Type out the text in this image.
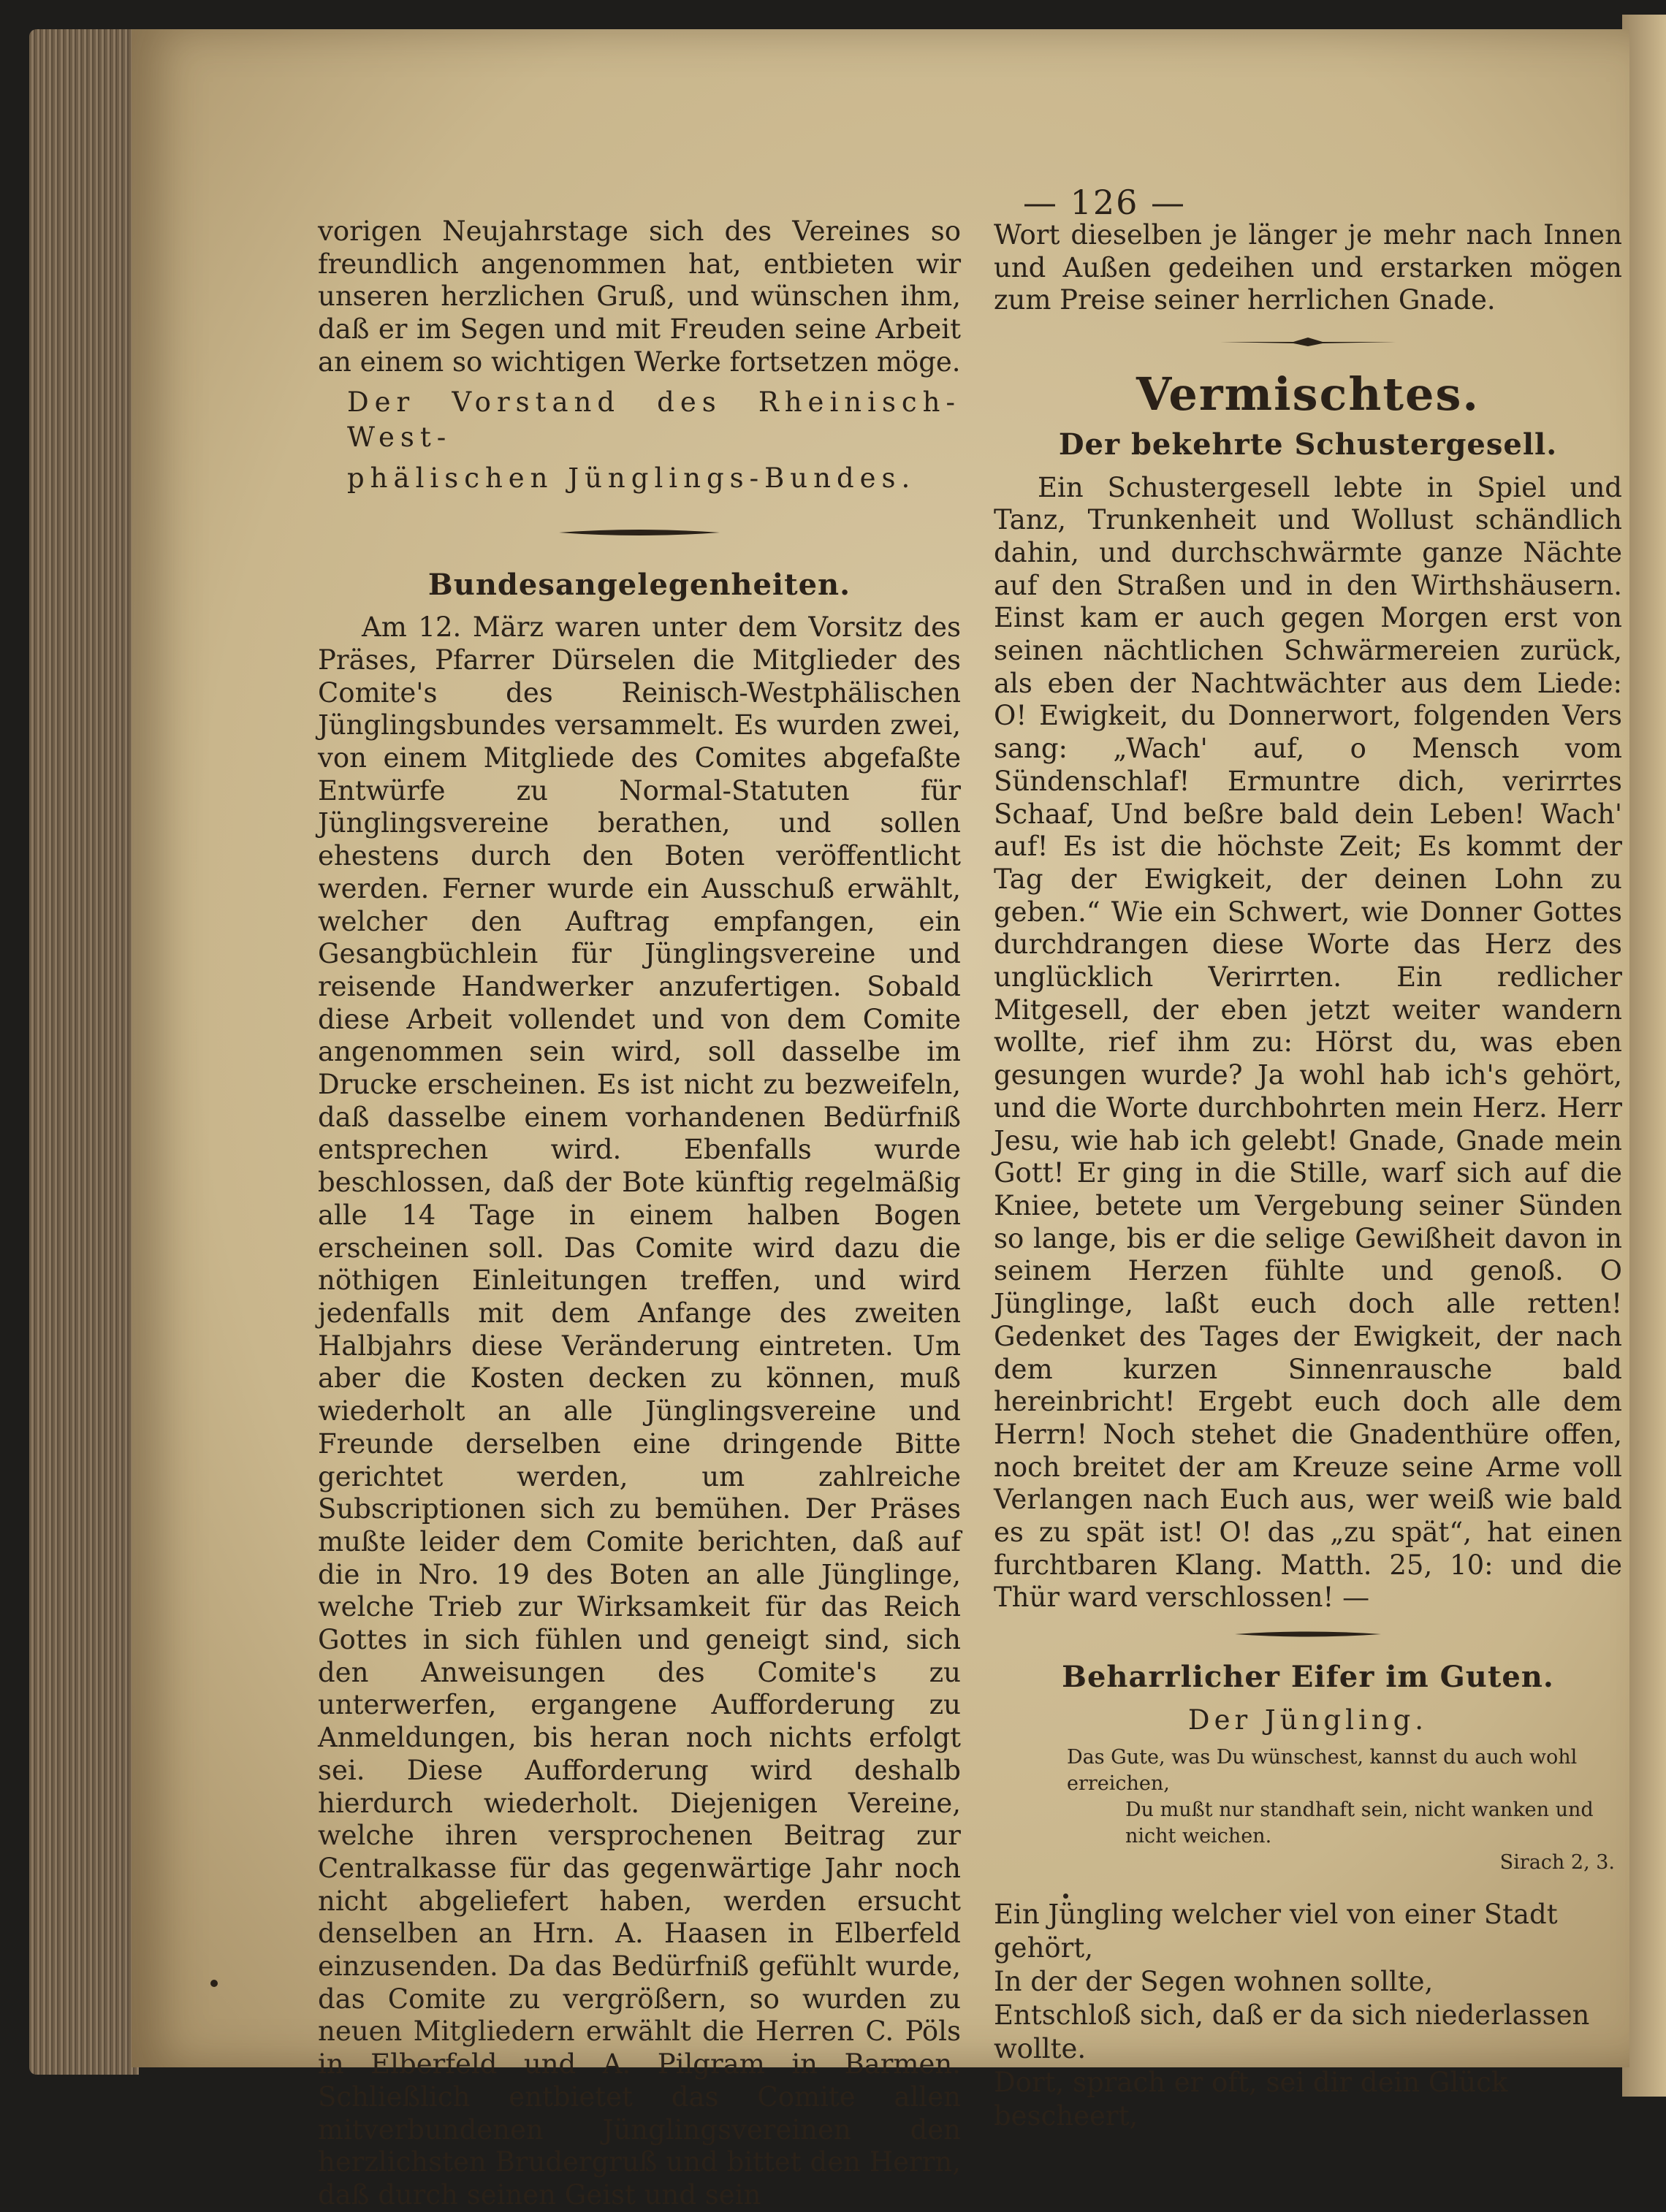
— 126 —

vorigen Neujahrstage sich des Vereines so freundlich angenommen hat, entbieten wir unseren herzlichen Gruß, und wünschen ihm, daß er im Segen und mit Freuden seine Arbeit an einem so wichtigen Werke fortsetzen möge.

Der Vorstand des Rheinisch-West-
phälischen Jünglings-Bundes.
Bundesangelegenheiten.

Am 12. März waren unter dem Vorsitz des Präses, Pfarrer Dürselen die Mitglieder des Comite's des Reinisch-Westphälischen Jünglingsbundes versammelt. Es wurden zwei, von einem Mitgliede des Comites abgefaßte Entwürfe zu Normal-Statuten für Jünglingsvereine berathen, und sollen ehestens durch den Boten veröffentlicht werden. Ferner wurde ein Ausschuß erwählt, welcher den Auftrag empfangen, ein Gesangbüchlein für Jünglingsvereine und reisende Handwerker anzufertigen. Sobald diese Arbeit vollendet und von dem Comite angenommen sein wird, soll dasselbe im Drucke erscheinen. Es ist nicht zu bezweifeln, daß dasselbe einem vorhandenen Bedürfniß entsprechen wird. Ebenfalls wurde beschlossen, daß der Bote künftig regelmäßig alle 14 Tage in einem halben Bogen erscheinen soll. Das Comite wird dazu die nöthigen Einleitungen treffen, und wird jedenfalls mit dem Anfange des zweiten Halbjahrs diese Veränderung eintreten. Um aber die Kosten decken zu können, muß wiederholt an alle Jünglingsvereine und Freunde derselben eine dringende Bitte gerichtet werden, um zahlreiche Subscriptionen sich zu bemühen. Der Präses mußte leider dem Comite berichten, daß auf die in Nro. 19 des Boten an alle Jünglinge, welche Trieb zur Wirksamkeit für das Reich Gottes in sich fühlen und geneigt sind, sich den Anweisungen des Comite's zu unterwerfen, ergangene Aufforderung zu Anmeldungen, bis heran noch nichts erfolgt sei. Diese Aufforderung wird deshalb hierdurch wiederholt. Diejenigen Vereine, welche ihren versprochenen Beitrag zur Centralkasse für das gegenwärtige Jahr noch nicht abgeliefert haben, werden ersucht denselben an Hrn. A. Haasen in Elberfeld einzusenden. Da das Bedürfniß gefühlt wurde, das Comite zu vergrößern, so wurden zu neuen Mitgliedern erwählt die Herren C. Pöls in Elberfeld und A. Pilgram in Barmen. Schließlich entbietet das Comite allen mitverbundenen Jünglingsvereinen den herzlichsten Brudergruß und bittet den Herrn, daß durch seinen Geist und sein

Wort dieselben je länger je mehr nach Innen und Außen gedeihen und erstarken mögen zum Preise seiner herrlichen Gnade.

Vermischtes.
Der bekehrte Schustergesell.

Ein Schustergesell lebte in Spiel und Tanz, Trunkenheit und Wollust schändlich dahin, und durchschwärmte ganze Nächte auf den Straßen und in den Wirthshäusern. Einst kam er auch gegen Morgen erst von seinen nächtlichen Schwärmereien zurück, als eben der Nachtwächter aus dem Liede: O! Ewigkeit, du Donnerwort, folgenden Vers sang: „Wach' auf, o Mensch vom Sündenschlaf! Ermuntre dich, verirrtes Schaaf, Und beßre bald dein Leben! Wach' auf! Es ist die höchste Zeit; Es kommt der Tag der Ewigkeit, der deinen Lohn zu geben.“ Wie ein Schwert, wie Donner Gottes durchdrangen diese Worte das Herz des unglücklich Verirrten. Ein redlicher Mitgesell, der eben jetzt weiter wandern wollte, rief ihm zu: Hörst du, was eben gesungen wurde? Ja wohl hab ich's gehört, und die Worte durchbohrten mein Herz. Herr Jesu, wie hab ich gelebt! Gnade, Gnade mein Gott! Er ging in die Stille, warf sich auf die Kniee, betete um Vergebung seiner Sünden so lange, bis er die selige Gewißheit davon in seinem Herzen fühlte und genoß. O Jünglinge, laßt euch doch alle retten! Gedenket des Tages der Ewigkeit, der nach dem kurzen Sinnenrausche bald hereinbricht! Ergebt euch doch alle dem Herrn! Noch stehet die Gnadenthüre offen, noch breitet der am Kreuze seine Arme voll Verlangen nach Euch aus, wer weiß wie bald es zu spät ist! O! das „zu spät“, hat einen furchtbaren Klang. Matth. 25, 10: und die Thür ward verschlossen! —

Beharrlicher Eifer im Guten.
Der Jüngling.
Das Gute, was Du wünschest, kannst du auch wohl erreichen,
Du mußt nur standhaft sein, nicht wanken und nicht weichen.
Sirach 2, 3.

Ein Jüngling welcher viel von einer Stadt gehört,

In der der Segen wohnen sollte,

Entschloß sich, daß er da sich niederlassen wollte.

Dort, sprach er oft, sei dir dein Glück bescheert,
